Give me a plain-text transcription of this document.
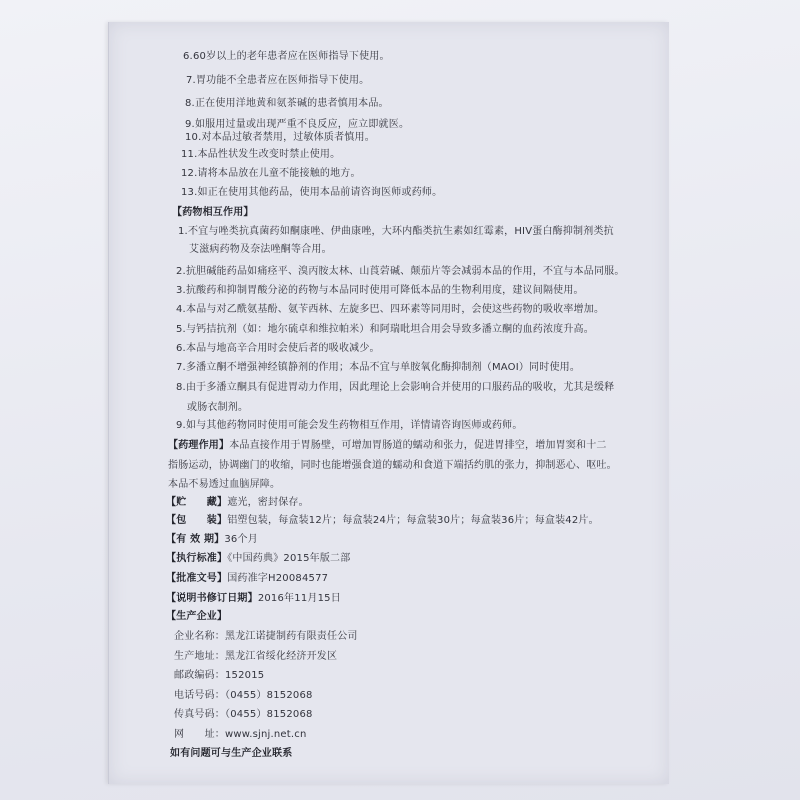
6.60岁以上的老年患者应在医师指导下使用。
7.胃功能不全患者应在医师指导下使用。
8.正在使用洋地黄和氨茶碱的患者慎用本品。
9.如服用过量或出现严重不良反应，应立即就医。
10.对本品过敏者禁用，过敏体质者慎用。
11.本品性状发生改变时禁止使用。
12.请将本品放在儿童不能接触的地方。
13.如正在使用其他药品，使用本品前请咨询医师或药师。
【药物相互作用】
1.不宜与唑类抗真菌药如酮康唑、伊曲康唑，大环内酯类抗生素如红霉素，HIV蛋白酶抑制剂类抗
艾滋病药物及奈法唑酮等合用。
2.抗胆碱能药品如痛痉平、溴丙胺太林、山莨菪碱、颠茄片等会减弱本品的作用，不宜与本品同服。
3.抗酸药和抑制胃酸分泌的药物与本品同时使用可降低本品的生物利用度，建议间隔使用。
4.本品与对乙酰氨基酚、氨苄西林、左旋多巴、四环素等同用时，会使这些药物的吸收率增加。
5.与钙拮抗剂（如：地尔硫卓和维拉帕米）和阿瑞吡坦合用会导致多潘立酮的血药浓度升高。
6.本品与地高辛合用时会使后者的吸收减少。
7.多潘立酮不增强神经镇静剂的作用；本品不宜与单胺氧化酶抑制剂（MAOI）同时使用。
8.由于多潘立酮具有促进胃动力作用，因此理论上会影响合并使用的口服药品的吸收，尤其是缓释
或肠衣制剂。
9.如与其他药物同时使用可能会发生药物相互作用，详情请咨询医师或药师。
【药理作用】本品直接作用于胃肠壁，可增加胃肠道的蠕动和张力，促进胃排空，增加胃窦和十二
指肠运动，协调幽门的收缩，同时也能增强食道的蠕动和食道下端括约肌的张力，抑制恶心、呕吐。
本品不易透过血脑屏障。
【贮　　藏】遮光，密封保存。
【包　　装】铝塑包装，每盒装12片；每盒装24片；每盒装30片；每盒装36片；每盒装42片。
【有 效 期】36个月
【执行标准】《中国药典》2015年版二部
【批准文号】国药准字H20084577
【说明书修订日期】2016年11月15日
【生产企业】
企业名称：黑龙江诺捷制药有限责任公司
生产地址：黑龙江省绥化经济开发区
邮政编码：152015
电话号码：（0455）8152068
传真号码：（0455）8152068
网　　址：www.sjnj.net.cn
如有问题可与生产企业联系
